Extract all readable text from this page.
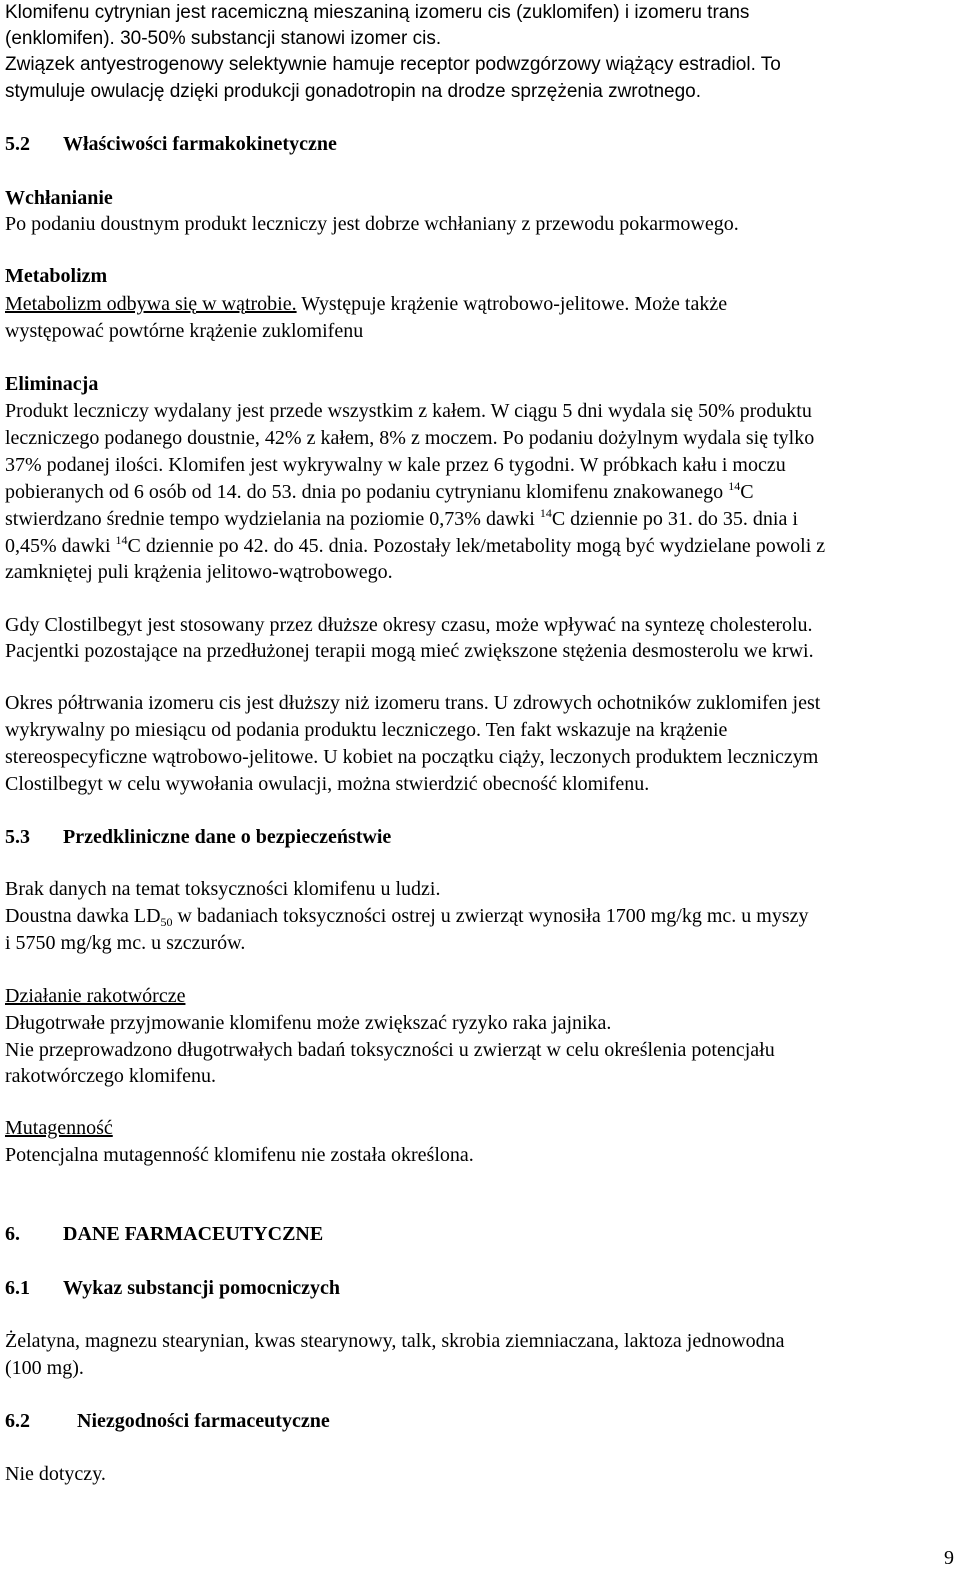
Klomifenu cytrynian jest racemiczną mieszaniną izomeru cis (zuklomifen) i izomeru trans
(enklomifen). 30-50% substancji stanowi izomer cis.
Związek antyestrogenowy selektywnie hamuje receptor podwzgórzowy wiążący estradiol. To
stymuluje owulację dzięki produkcji gonadotropin na drodze sprzężenia zwrotnego.
5.2 Właściwości farmakokinetyczne
Wchłanianie
Po podaniu doustnym produkt leczniczy jest dobrze wchłaniany z przewodu pokarmowego.
Metabolizm
Metabolizm odbywa się w wątrobie. Występuje krążenie wątrobowo-jelitowe. Może także
występować powtórne krążenie zuklomifenu
Eliminacja
Produkt leczniczy wydalany jest przede wszystkim z kałem. W ciągu 5 dni wydala się 50% produktu
leczniczego podanego doustnie, 42% z kałem, 8% z moczem. Po podaniu dożylnym wydala się tylko
37% podanej ilości. Klomifen jest wykrywalny w kale przez 6 tygodni. W próbkach kału i moczu
pobieranych od 6 osób od 14. do 53. dnia po podaniu cytrynianu klomifenu znakowanego $^{14}$C
stwierdzano średnie tempo wydzielania na poziomie 0,73% dawki $^{14}$C dziennie po 31. do 35. dnia i
0,45% dawki $^{14}$C dziennie po 42. do 45. dnia. Pozostały lek/metabolity mogą być wydzielane powoli z
zamkniętej puli krążenia jelitowo-wątrobowego.
Gdy Clostilbegyt jest stosowany przez dłuższe okresy czasu, może wpływać na syntezę cholesterolu.
Pacjentki pozostające na przedłużonej terapii mogą mieć zwiększone stężenia desmosterolu we krwi.
Okres półtrwania izomeru cis jest dłuższy niż izomeru trans. U zdrowych ochotników zuklomifen jest
wykrywalny po miesiącu od podania produktu leczniczego. Ten fakt wskazuje na krążenie
stereospecyficzne wątrobowo-jelitowe. U kobiet na początku ciąży, leczonych produktem leczniczym
Clostilbegyt w celu wywołania owulacji, można stwierdzić obecność klomifenu.
5.3 Przedkliniczne dane o bezpieczeństwie
Brak danych na temat toksyczności klomifenu u ludzi.
Doustna dawka $LD_{50}$ w badaniach toksyczności ostrej u zwierząt wynosiła 1700 mg/kg mc. u myszy
i 5750 mg/kg mc. u szczurów.
Działanie rakotwórcze
Długotrwałe przyjmowanie klomifenu może zwiększać ryzyko raka jajnika.
Nie przeprowadzono długotrwałych badań toksyczności u zwierząt w celu określenia potencjału
rakotwórczego klomifenu.
Mutagenność
Potencjalna mutagenność klomifenu nie została określona.
6. DANE FARMACEUTYCZNE
6.1 Wykaz substancji pomocniczych
Żelatyna, magnezu stearynian, kwas stearynowy, talk, skrobia ziemniaczana, laktoza jednowodna
(100 mg).
6.2 Niezgodności farmaceutyczne
Nie dotyczy.
9
